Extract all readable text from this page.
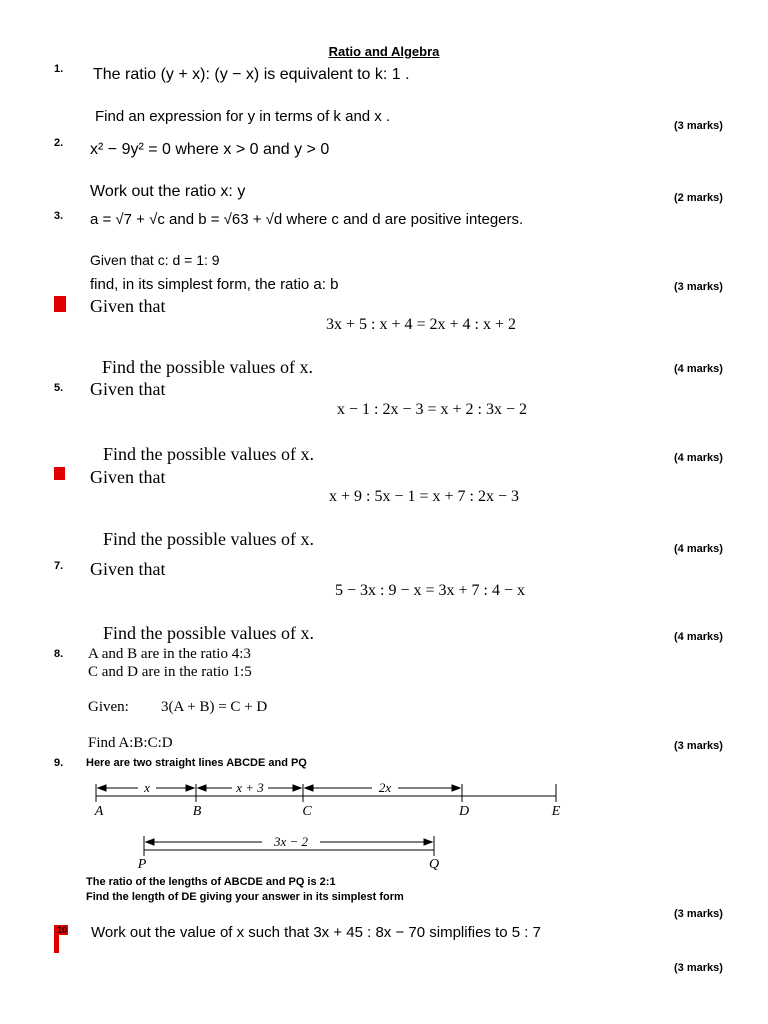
Ratio and Algebra
1. The ratio (y + x): (y − x) is equivalent to k: 1 .
Find an expression for y in terms of k and x .
(3 marks)
2. x² − 9y² = 0 where x > 0 and y > 0
Work out the ratio x: y	(2 marks)
3. a = √7 + √c and b = √63 + √d where c and d are positive integers.
Given that c: d = 1: 9
find, in its simplest form, the ratio a: b	(3 marks)
4. Given that
3x + 5 : x + 4 = 2x + 4 : x + 2
Find the possible values of x.	(4 marks)
5. Given that
x − 1 : 2x − 3 = x + 2 : 3x − 2
Find the possible values of x.	(4 marks)
6. Given that
x + 9 : 5x − 1 = x + 7 : 2x − 3
Find the possible values of x.	(4 marks)
7. Given that
5 − 3x : 9 − x = 3x + 7 : 4 − x
Find the possible values of x.	(4 marks)
8. A and B are in the ratio 4:3
C and D are in the ratio 1:5
Given: 3(A + B) = C + D
Find A:B:C:D	(3 marks)
9. Here are two straight lines ABCDE and PQ
x	x + 3	2x
A	B	C	D	E
3x − 2
P	Q
The ratio of the lengths of ABCDE and PQ is 2:1
Find the length of DE giving your answer in its simplest form
(3 marks)
10 Work out the value of x such that 3x + 45 : 8x − 70 simplifies to 5 : 7
(3 marks)
